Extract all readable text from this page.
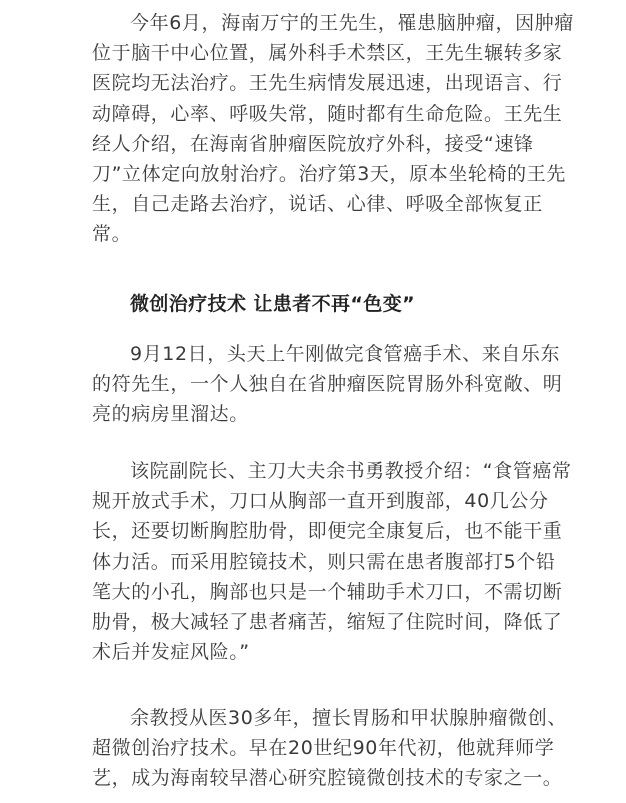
今年6月，海南万宁的王先生，罹患脑肿瘤，因肿瘤位于脑干中心位置，属外科手术禁区，王先生辗转多家医院均无法治疗。王先生病情发展迅速，出现语言、行动障碍，心率、呼吸失常，随时都有生命危险。王先生经人介绍，在海南省肿瘤医院放疗外科，接受“速锋刀”立体定向放射治疗。治疗第3天，原本坐轮椅的王先生，自己走路去治疗，说话、心律、呼吸全部恢复正常。

微创治疗技术 让患者不再“色变”

9月12日，头天上午刚做完食管癌手术、来自乐东的符先生，一个人独自在省肿瘤医院胃肠外科宽敞、明亮的病房里溜达。

该院副院长、主刀大夫余书勇教授介绍：“食管癌常规开放式手术，刀口从胸部一直开到腹部，40几公分长，还要切断胸腔肋骨，即便完全康复后，也不能干重体力活。而采用腔镜技术，则只需在患者腹部打5个铅笔大的小孔，胸部也只是一个辅助手术刀口，不需切断肋骨，极大减轻了患者痛苦，缩短了住院时间，降低了术后并发症风险。”

余教授从医30多年，擅长胃肠和甲状腺肿瘤微创、超微创治疗技术。早在20世纪90年代初，他就拜师学艺，成为海南较早潜心研究腔镜微创技术的专家之一。
